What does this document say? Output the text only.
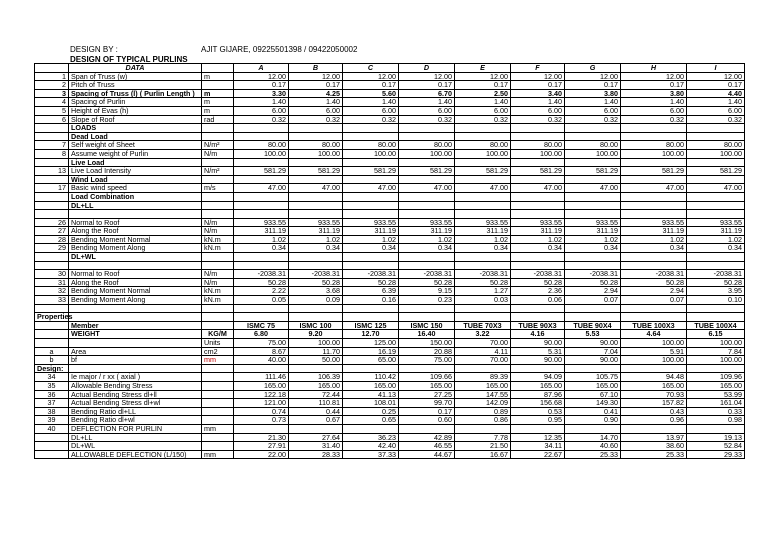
DESIGN BY :	AJIT GIJARE, 09225501398 / 09422050002
DESIGN OF TYPICAL PURLINS
	DATA		A	B	C	D	E	F	G	H	I
1	Span of Truss (w)	m	12.00	12.00	12.00	12.00	12.00	12.00	12.00	12.00	12.00
2	Pitch of Truss		0.17	0.17	0.17	0.17	0.17	0.17	0.17	0.17	0.17
3	Spacing of Truss (l) ( Purlin Length )	m	3.30	4.25	5.60	6.70	2.50	3.40	3.80	3.80	4.40
4	Spacing of Purlin	m	1.40	1.40	1.40	1.40	1.40	1.40	1.40	1.40	1.40
5	Height of Evas (h)	m	6.00	6.00	6.00	6.00	6.00	6.00	6.00	6.00	6.00
6	Slope of Roof	rad	0.32	0.32	0.32	0.32	0.32	0.32	0.32	0.32	0.32
	LOADS										
	Dead Load										
7	Self weight of Sheet	N/m²	80.00	80.00	80.00	80.00	80.00	80.00	80.00	80.00	80.00
8	Assume weight of Purlin	N/m	100.00	100.00	100.00	100.00	100.00	100.00	100.00	100.00	100.00
	Live Load										
13	Live Load Intensity	N/m²	581.29	581.29	581.29	581.29	581.29	581.29	581.29	581.29	581.29
	Wind Load										
17	Basic wind speed	m/s	47.00	47.00	47.00	47.00	47.00	47.00	47.00	47.00	47.00
	Load Combination										
	DL+LL										

26	Normal to Roof	N/m	933.55	933.55	933.55	933.55	933.55	933.55	933.55	933.55	933.55
27	Along the Roof	N/m	311.19	311.19	311.19	311.19	311.19	311.19	311.19	311.19	311.19
28	Bending Moment Normal	kN.m	1.02	1.02	1.02	1.02	1.02	1.02	1.02	1.02	1.02
29	Bending Moment Along	kN.m	0.34	0.34	0.34	0.34	0.34	0.34	0.34	0.34	0.34
	DL+WL										

30	Normal to Roof	N/m	-2038.31	-2038.31	-2038.31	-2038.31	-2038.31	-2038.31	-2038.31	-2038.31	-2038.31
31	Along the Roof	N/m	50.28	50.28	50.28	50.28	50.28	50.28	50.28	50.28	50.28
32	Bending Moment Normal	kN.m	2.22	3.68	6.39	9.15	1.27	2.36	2.94	2.94	3.95
33	Bending Moment Along	kN.m	0.05	0.09	0.16	0.23	0.03	0.06	0.07	0.07	0.10

Properties											
	Member		ISMC 75	ISMC 100	ISMC 125	ISMC 150	TUBE 70X3	TUBE 90X3	TUBE 90X4	TUBE 100X3	TUBE 100X4
	WEIGHT	KG/M	6.80	9.20	12.70	16.40	3.22	4.16	5.53	4.64	6.15
		Units	75.00	100.00	125.00	150.00	70.00	90.00	90.00	100.00	100.00
a	Area	cm2	8.67	11.70	16.19	20.88	4.11	5.31	7.04	5.91	7.84
b	bf	mm	40.00	50.00	65.00	75.00	70.00	90.00	90.00	100.00	100.00
Design:											
34	Ie major / r xx ( axial )		111.46	106.39	110.42	109.66	89.39	94.09	105.75	94.48	109.96
35	Allowable Bending Stress		165.00	165.00	165.00	165.00	165.00	165.00	165.00	165.00	165.00
36	Actual Bending Stress dl+ll		122.18	72.44	41.13	27.25	147.55	87.96	67.10	70.93	53.99
37	Actual Bending Stress dl+wl		121.00	110.81	108.01	99.70	142.09	156.68	149.30	157.82	161.04
38	Bending Ratio dl+LL		0.74	0.44	0.25	0.17	0.89	0.53	0.41	0.43	0.33
39	Bending Ratio dl+wl		0.73	0.67	0.65	0.60	0.86	0.95	0.90	0.96	0.98
40	DEFLECTION FOR PURLIN	mm									
	DL+LL		21.30	27.64	36.23	42.89	7.78	12.35	14.70	13.97	19.13
	DL+WL		27.91	31.40	42.40	46.55	21.50	34.11	40.60	38.60	52.84
	ALLOWABLE DEFLECTION (L/150)	mm	22.00	28.33	37.33	44.67	16.67	22.67	25.33	25.33	29.33
